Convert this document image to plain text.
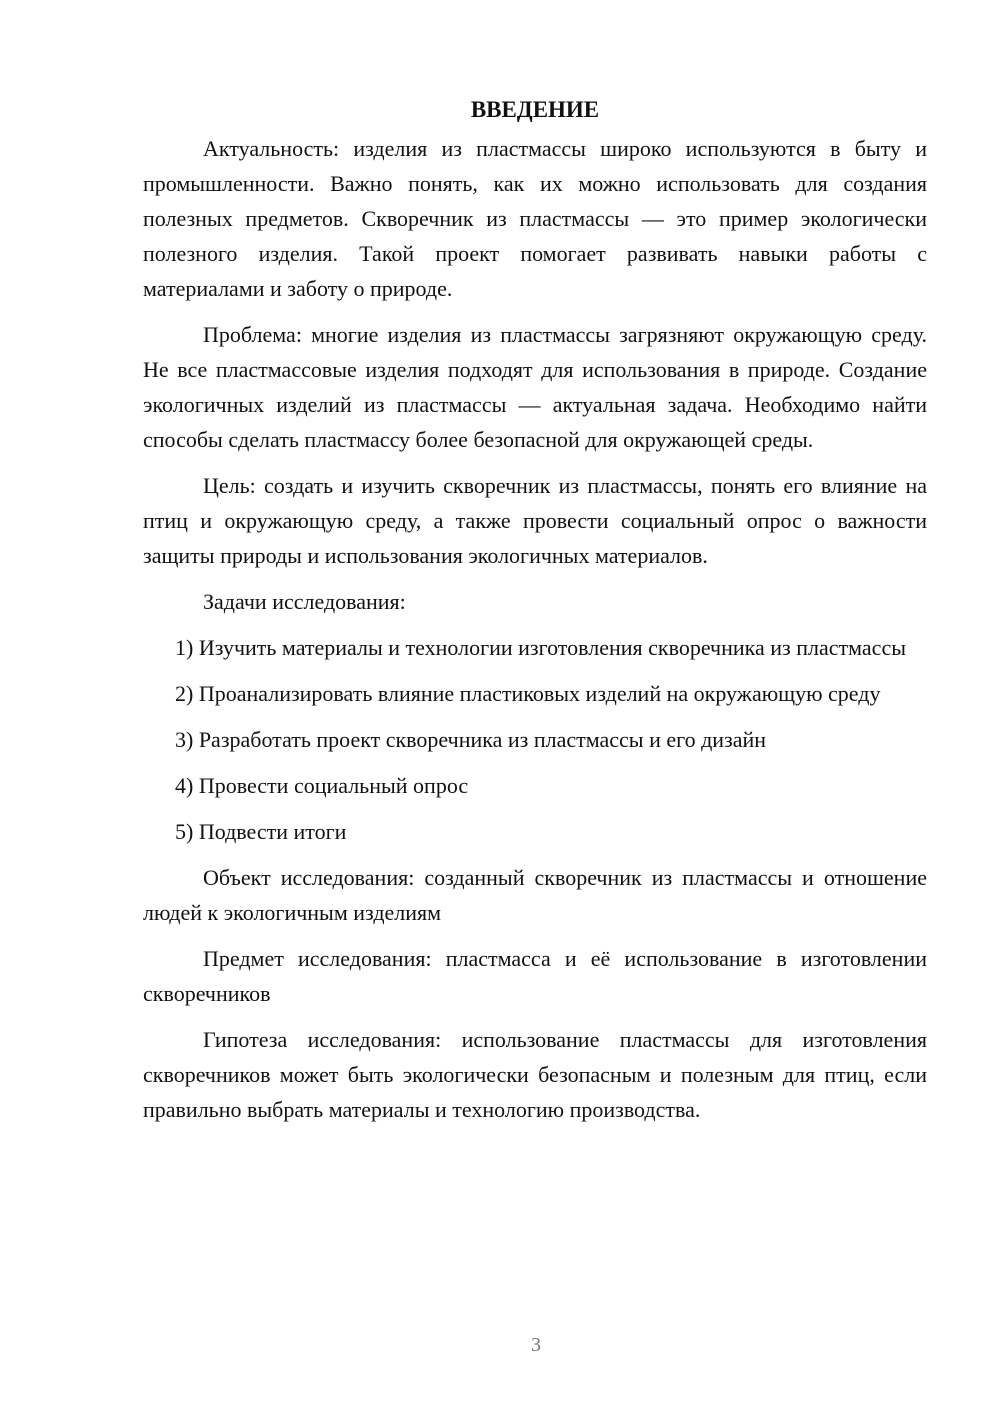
ВВЕДЕНИЕ

Актуальность: изделия из пластмассы широко используются в быту и промышленности. Важно понять, как их можно использовать для создания полезных предметов. Скворечник из пластмассы — это пример экологически полезного изделия. Такой проект помогает развивать навыки работы с материалами и заботу о природе.

Проблема: многие изделия из пластмассы загрязняют окружающую среду. Не все пластмассовые изделия подходят для использования в природе. Создание экологичных изделий из пластмассы — актуальная задача. Необходимо найти способы сделать пластмассу более безопасной для окружающей среды.

Цель: создать и изучить скворечник из пластмассы, понять его влияние на птиц и окружающую среду, а также провести социальный опрос о важности защиты природы и использования экологичных материалов.

Задачи исследования:

1) Изучить материалы и технологии изготовления скворечника из пластмассы

2) Проанализировать влияние пластиковых изделий на окружающую среду

3) Разработать проект скворечника из пластмассы и его дизайн

4) Провести социальный опрос

5) Подвести итоги

Объект исследования: созданный скворечник из пластмассы и отношение людей к экологичным изделиям

Предмет исследования: пластмасса и её использование в изготовлении скворечников

Гипотеза исследования: использование пластмассы для изготовления скворечников может быть экологически безопасным и полезным для птиц, если правильно выбрать материалы и технологию производства.

3
